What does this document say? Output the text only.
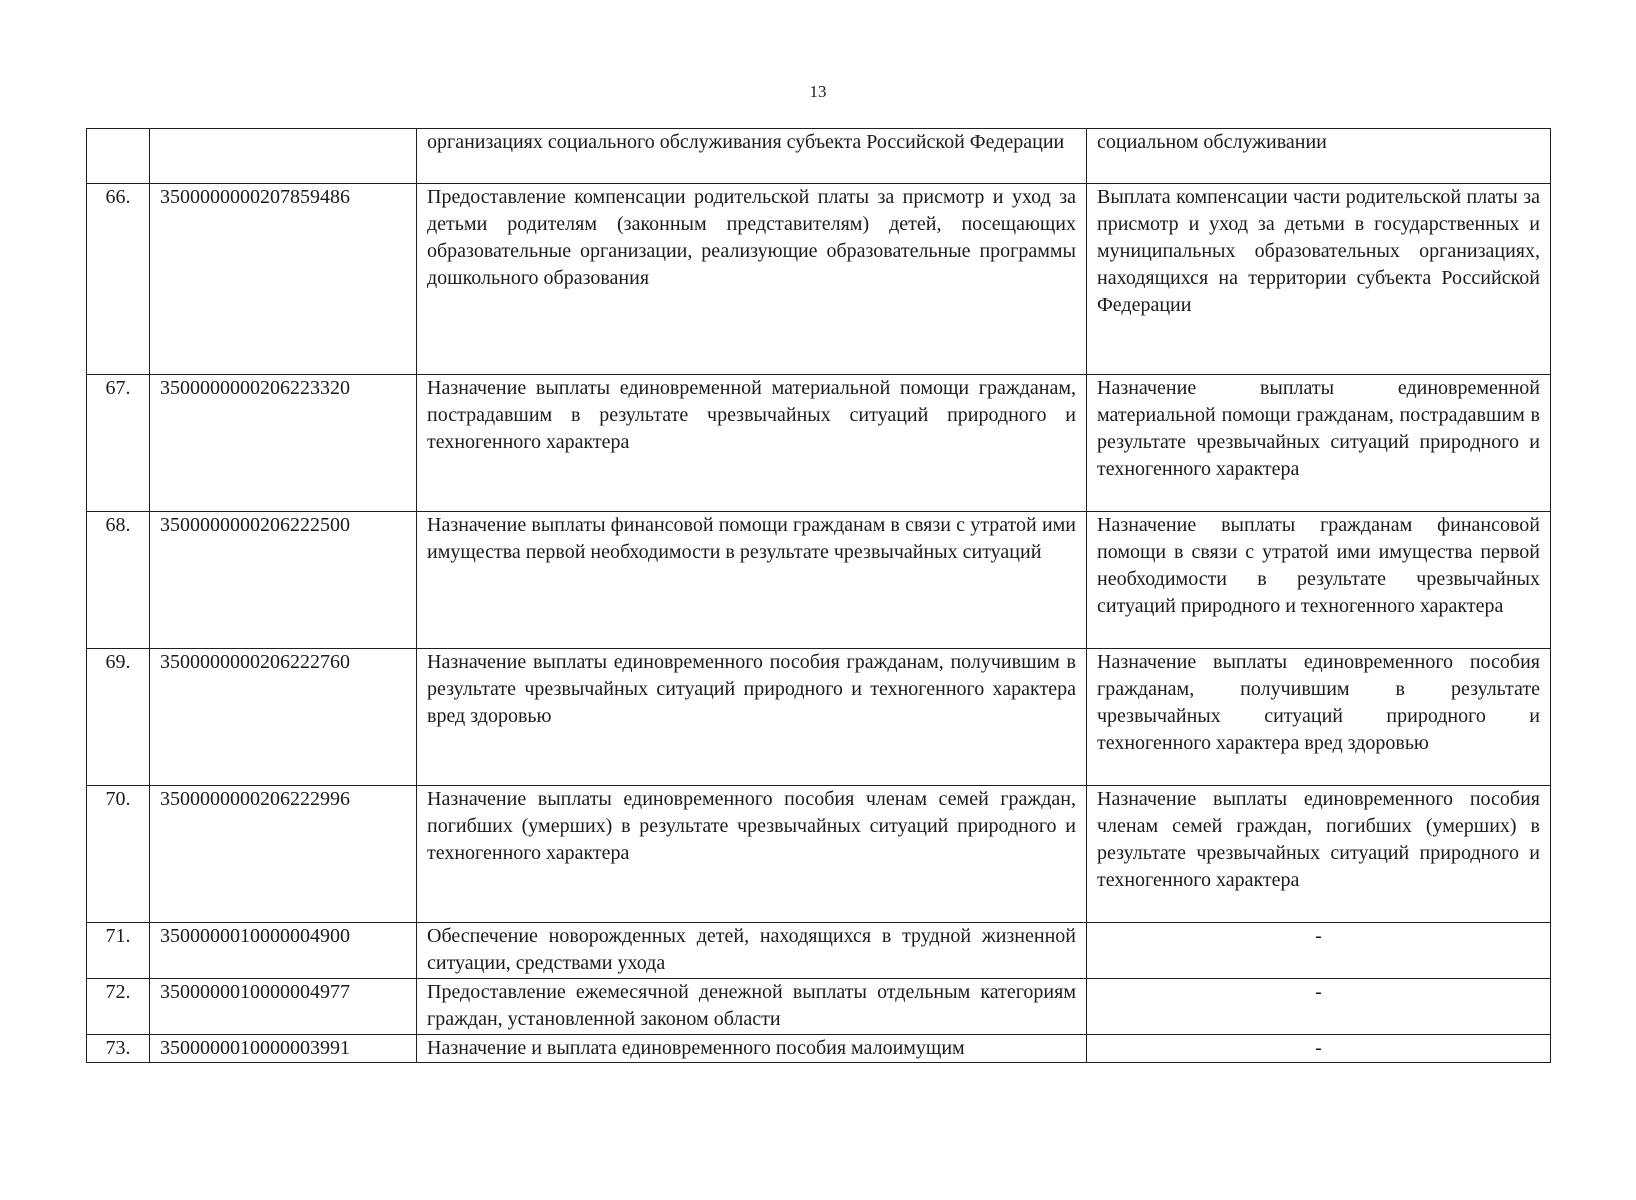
13
		организациях социального обслуживания субъекта Российской Федерации	социальном обслуживании
66.	3500000000207859486	Предоставление компенсации родительской платы за присмотр и уход за детьми родителям (законным представителям) детей, посещающих образовательные организации, реализующие образовательные программы дошкольного образования	Выплата компенсации части родительской платы за присмотр и уход за детьми в государственных и муниципальных образовательных организациях, находящихся на территории субъекта Российской Федерации
67.	3500000000206223320	Назначение выплаты единовременной материальной помощи гражданам, пострадавшим в результате чрезвычайных ситуаций природного и техногенного характера	Назначение выплаты единовременной материальной помощи гражданам, пострадавшим в результате чрезвычайных ситуаций природного и техногенного характера
68.	3500000000206222500	Назначение выплаты финансовой помощи гражданам в связи с утратой ими имущества первой необходимости в результате чрезвычайных ситуаций	Назначение выплаты гражданам финансовой помощи в связи с утратой ими имущества первой необходимости в результате чрезвычайных ситуаций природного и техногенного характера
69.	3500000000206222760	Назначение выплаты единовременного пособия гражданам, получившим в результате чрезвычайных ситуаций природного и техногенного характера вред здоровью	Назначение выплаты единовременного пособия гражданам, получившим в результате чрезвычайных ситуаций природного и техногенного характера вред здоровью
70.	3500000000206222996	Назначение выплаты единовременного пособия членам семей граждан, погибших (умерших) в результате чрезвычайных ситуаций природного и техногенного характера	Назначение выплаты единовременного пособия членам семей граждан, погибших (умерших) в результате чрезвычайных ситуаций природного и техногенного характера
71.	3500000010000004900	Обеспечение новорожденных детей, находящихся в трудной жизненной ситуации, средствами ухода	-
72.	3500000010000004977	Предоставление ежемесячной денежной выплаты отдельным категориям граждан, установленной законом области	-
73.	3500000010000003991	Назначение и выплата единовременного пособия малоимущим	-
